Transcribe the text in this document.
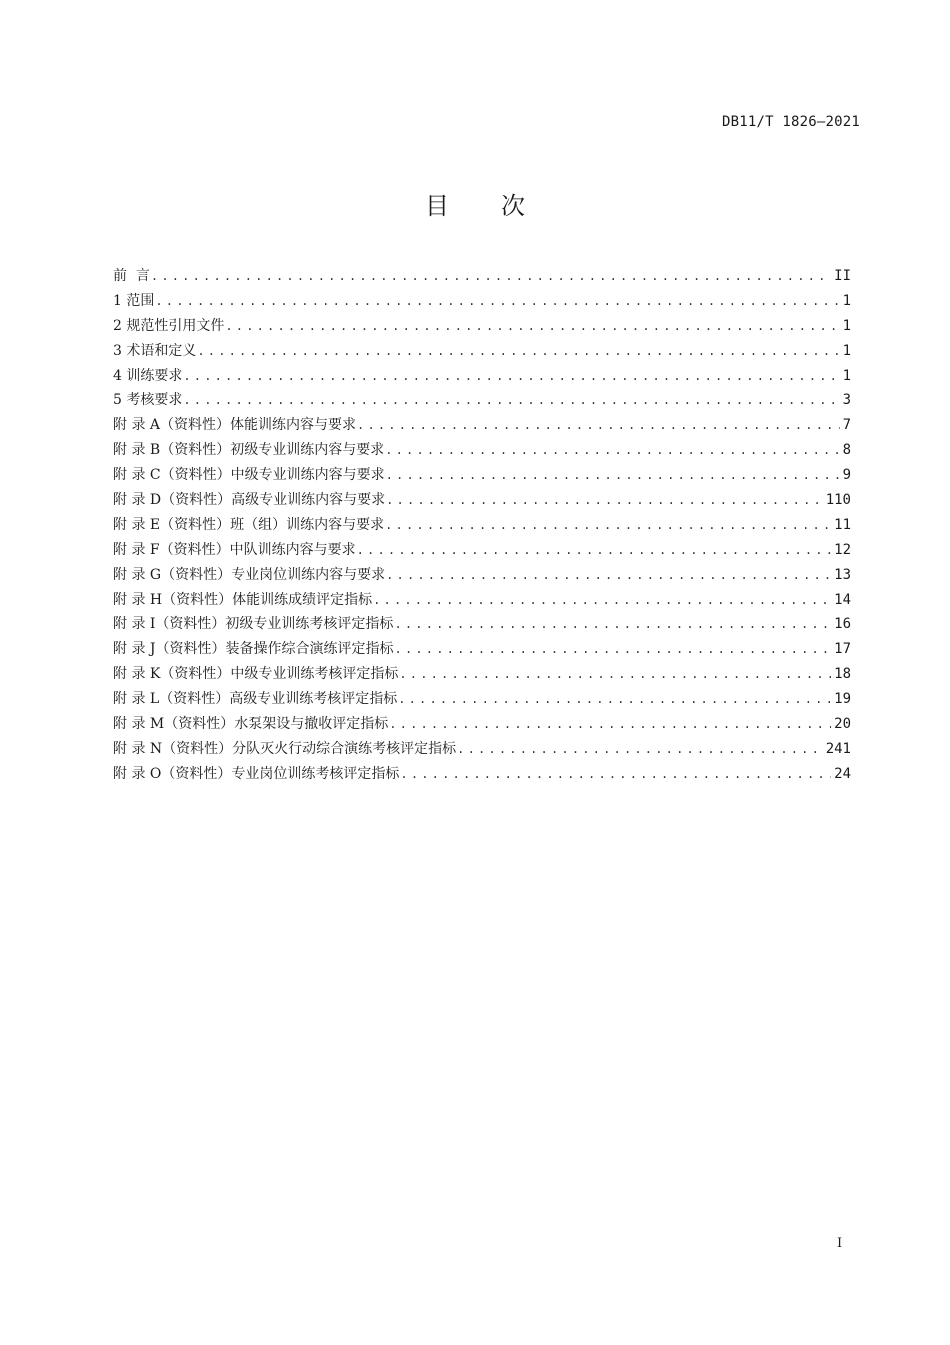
DB11/T 1826—2021
目次
前  言 .....	II
1 范围 .....	1
2 规范性引用文件 .....	1
3 术语和定义 .....	1
4 训练要求 .....	1
5 考核要求 .....	3
附 录 A（资料性）体能训练内容与要求 .....	7
附 录 B（资料性）初级专业训练内容与要求 .....	8
附 录 C（资料性）中级专业训练内容与要求 .....	9
附 录 D（资料性）高级专业训练内容与要求 .....	110
附 录 E（资料性）班（组）训练内容与要求 .....	11
附 录 F（资料性）中队训练内容与要求 .....	12
附 录 G（资料性）专业岗位训练内容与要求 .....	13
附 录 H（资料性）体能训练成绩评定指标 .....	14
附 录 I（资料性）初级专业训练考核评定指标 .....	16
附 录 J（资料性）装备操作综合演练评定指标 .....	17
附 录 K（资料性）中级专业训练考核评定指标 .....	18
附 录 L（资料性）高级专业训练考核评定指标 .....	19
附 录 M（资料性）水泵架设与撤收评定指标 .....	20
附 录 N（资料性）分队灭火行动综合演练考核评定指标 .....	241
附 录 O（资料性）专业岗位训练考核评定指标 .....	24
I
